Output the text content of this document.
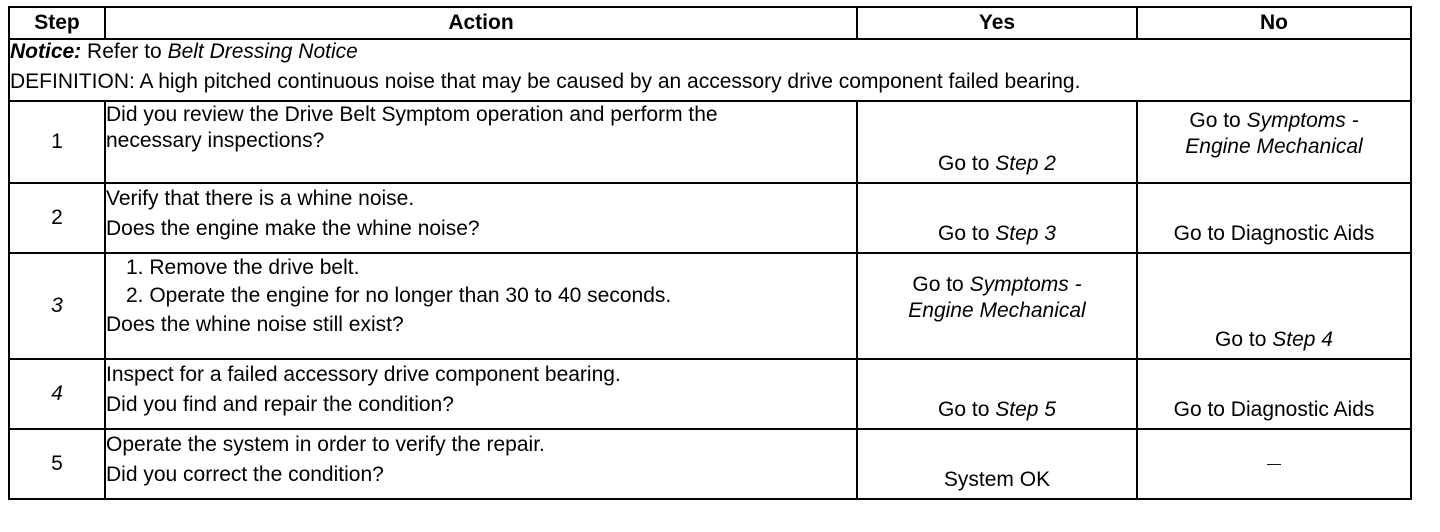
Step	Action	Yes	No
Notice: Refer to Belt Dressing Notice			
DEFINITION: A high pitched continuous noise that may be caused by an accessory drive component failed bearing.			
1	Did you review the Drive Belt Symptom operation and perform the
necessary inspections?	Go to Step 2	Go to Symptoms -
Engine Mechanical

2	Verify that there is a whine noise.
Does the engine make the whine noise?	Go to Step 3	Go to Diagnostic Aids

3	1. Remove the drive belt.
2. Operate the engine for no longer than 30 to 40 seconds.
Does the whine noise still exist?	Go to Symptoms -
Engine Mechanical	Go to Step 4

4	Inspect for a failed accessory drive component bearing.
Did you find and repair the condition?	Go to Step 5	Go to Diagnostic Aids

5	Operate the system in order to verify the repair.
Did you correct the condition?	System OK	—
